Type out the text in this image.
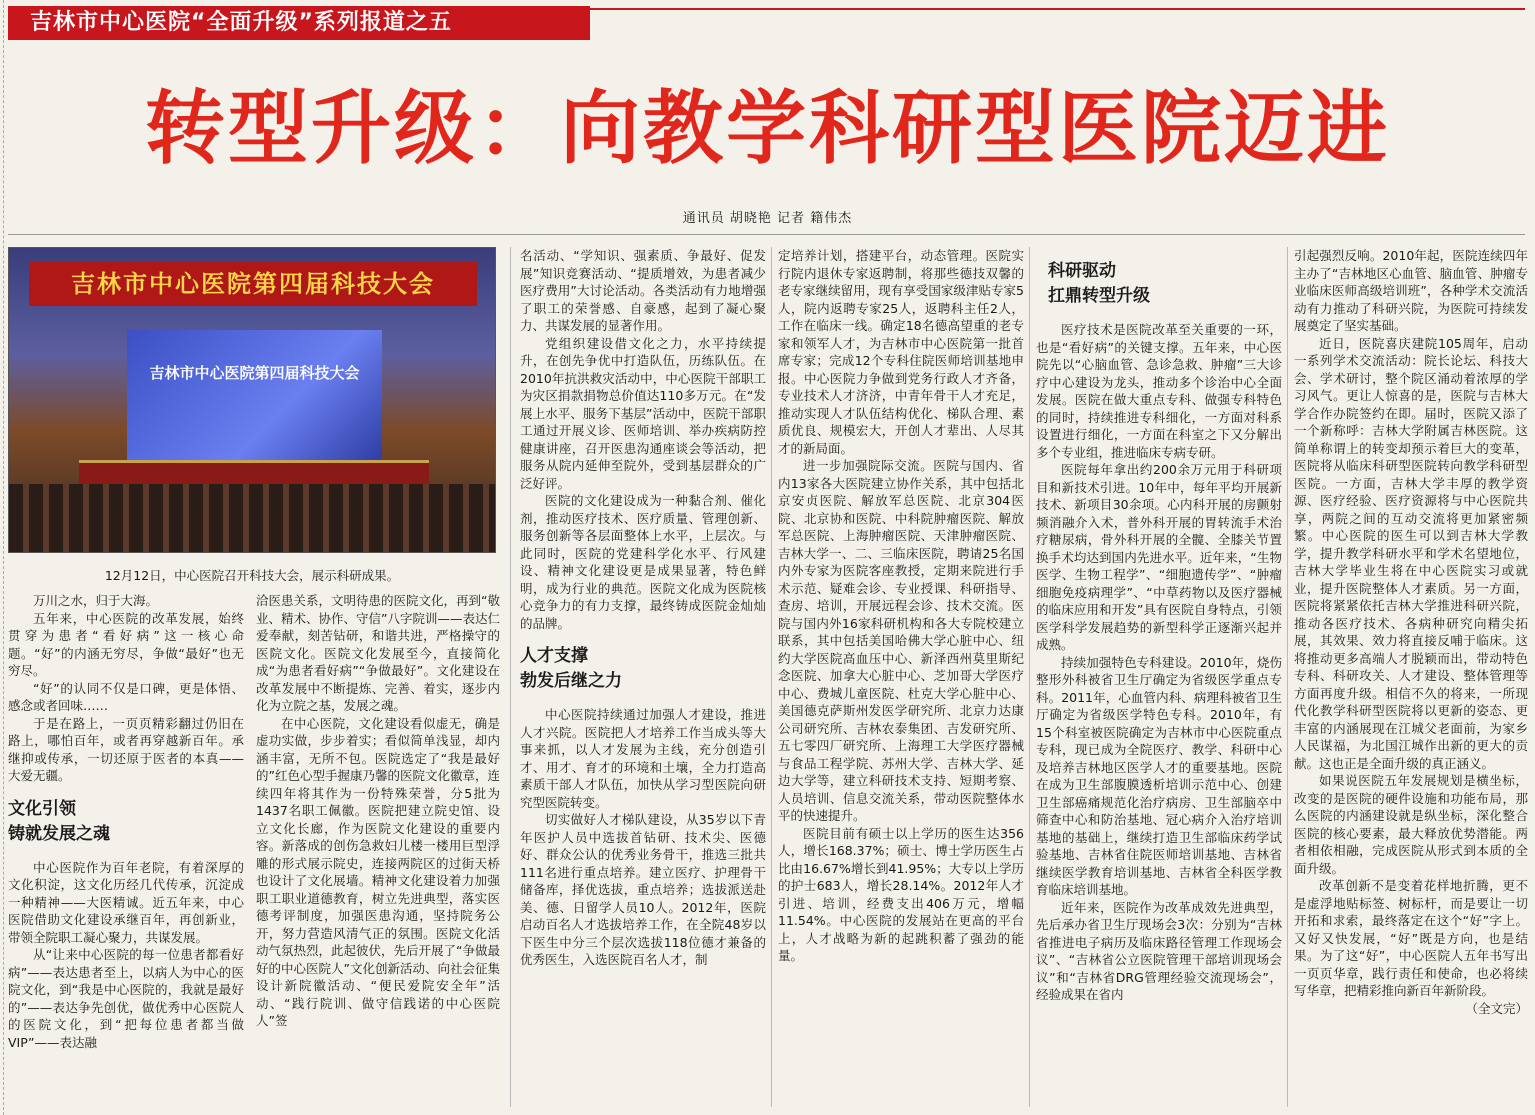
吉林市中心医院“全面升级”系列报道之五
转型升级：向教学科研型医院迈进
通讯员 胡晓艳 记者 籍伟杰
吉林市中心医院第四届科技大会
吉林市中心医院第四届科技大会
12月12日，中心医院召开科技大会，展示科研成果。

万川之水，归于大海。

五年来，中心医院的改革发展，始终贯穿为患者“看好病”这一核心命题。“好”的内涵无穷尽，争做“最好”也无穷尽。

“好”的认同不仅是口碑，更是体悟、感念或者回味……

于是在路上，一页页精彩翻过仍旧在路上，哪怕百年，或者再穿越新百年。承继抑或传承，一切还原于医者的本真——大爱无疆。

文化引领
铸就发展之魂

中心医院作为百年老院，有着深厚的文化积淀，这文化历经几代传承，沉淀成一种精神——大医精诚。近五年来，中心医院借助文化建设承继百年，再创新业，带领全院职工凝心聚力，共谋发展。

从“让来中心医院的每一位患者都看好病”——表达患者至上，以病人为中心的医院文化，到“我是中心医院的，我就是最好的”——表达争先创优，做优秀中心医院人的医院文化，到“把每位患者都当做VIP”——表达融

洽医患关系，文明待患的医院文化，再到“敬业、精术、协作、守信”八字院训——表达仁爱奉献，刻苦钻研，和谐共进，严格操守的医院文化。医院文化发展至今，直接简化成“为患者看好病”“争做最好”。文化建设在改革发展中不断提炼、完善、着实，逐步内化为立院之基，发展之魂。

在中心医院，文化建设看似虚无，确是虚功实做，步步着实；看似简单浅显，却内涵丰富，无所不包。医院选定了“我是最好的”红色心型手握康乃馨的医院文化徽章，连续四年将其作为一份特殊荣誉，分5批为1437名职工佩徽。医院把建立院史馆、设立文化长廊，作为医院文化建设的重要内容。新落成的创伤急救妇儿楼一楼用巨型浮雕的形式展示院史，连接两院区的过街天桥也设计了文化展墙。精神文化建设着力加强职工职业道德教育，树立先进典型，落实医德考评制度，加强医患沟通，坚持院务公开，努力营造风清气正的氛围。医院文化活动气氛热烈，此起彼伏，先后开展了“争做最好的中心医院人”文化创新活动、向社会征集设计新院徽活动、“便民爱院安全年”活动、“践行院训、做守信践诺的中心医院人”签

名活动、“学知识、强素质、争最好、促发展”知识竞赛活动、“提质增效，为患者减少医疗费用”大讨论活动。各类活动有力地增强了职工的荣誉感、自豪感，起到了凝心聚力、共谋发展的显著作用。

党组织建设借文化之力，水平持续提升，在创先争优中打造队伍，历练队伍。在2010年抗洪救灾活动中，中心医院干部职工为灾区捐款捐物总价值达110多万元。在“发展上水平、服务下基层”活动中，医院干部职工通过开展义诊、医师培训、举办疾病防控健康讲座，召开医患沟通座谈会等活动，把服务从院内延伸至院外，受到基层群众的广泛好评。

医院的文化建设成为一种黏合剂、催化剂，推动医疗技术、医疗质量、管理创新、服务创新等各层面整体上水平，上层次。与此同时，医院的党建科学化水平、行风建设、精神文化建设更是成果显著，特色鲜明，成为行业的典范。医院文化成为医院核心竞争力的有力支撑，最终铸成医院金灿灿的品牌。

人才支撑
勃发后继之力

中心医院持续通过加强人才建设，推进人才兴院。医院把人才培养工作当成头等大事来抓，以人才发展为主线，充分创造引才、用才、育才的环境和土壤，全力打造高素质干部人才队伍，加快从学习型医院向研究型医院转变。

切实做好人才梯队建设，从35岁以下青年医护人员中选拔首钻研、技术尖、医德好、群众公认的优秀业务骨干，推选三批共111名进行重点培养。建立医疗、护理骨干储备库，择优选拔，重点培养；选拔派送赴美、德、日留学人员10人。2012年，医院启动百名人才选拔培养工作，在全院48岁以下医生中分三个层次选拔118位德才兼备的优秀医生，入选医院百名人才，制

定培养计划，搭建平台，动态管理。医院实行院内退休专家返聘制，将那些德技双馨的老专家继续留用，现有享受国家级津贴专家5人，院内返聘专家25人，返聘科主任2人，工作在临床一线。确定18名德高望重的老专家和领军人才，为吉林市中心医院第一批首席专家；完成12个专科住院医师培训基地申报。中心医院力争做到党务行政人才齐备，专业技术人才济济，中青年骨干人才充足，推动实现人才队伍结构优化、梯队合理、素质优良、规模宏大，开创人才辈出、人尽其才的新局面。

进一步加强院际交流。医院与国内、省内13家各大医院建立协作关系，其中包括北京安贞医院、解放军总医院、北京304医院、北京协和医院、中科院肿瘤医院、解放军总医院、上海肿瘤医院、天津肿瘤医院、吉林大学一、二、三临床医院，聘请25名国内外专家为医院客座教授，定期来院进行手术示范、疑难会诊、专业授课、科研指导、查房、培训，开展远程会诊、技术交流。医院与国内外16家科研机构和各大专院校建立联系，其中包括美国哈佛大学心脏中心、纽约大学医院高血压中心、新泽西州莫里斯纪念医院、加拿大心脏中心、芝加哥大学医疗中心、费城儿童医院、杜克大学心脏中心、美国德克萨斯州发医学研究所、北京力达康公司研究所、吉林农泰集团、吉发研究所、五七零四厂研究所、上海理工大学医疗器械与食品工程学院、苏州大学、吉林大学、延边大学等，建立科研技术支持、短期考察、人员培训、信息交流关系，带动医院整体水平的快速提升。

医院目前有硕士以上学历的医生达356人，增长168.37%；硕士、博士学历医生占比由16.67%增长到41.95%；大专以上学历的护士683人，增长28.14%。2012年人才引进、培训，经费支出406万元，增幅11.54%。中心医院的发展站在更高的平台上，人才战略为新的起跳积蓄了强劲的能量。

科研驱动
扛鼎转型升级

医疗技术是医院改革至关重要的一环，也是“看好病”的关键支撑。五年来，中心医院先以“心脑血管、急诊急救、肿瘤”三大诊疗中心建设为龙头，推动多个诊治中心全面发展。医院在做大重点专科、做强专科特色的同时，持续推进专科细化，一方面对科系设置进行细化，一方面在科室之下又分解出多个专业组，推进临床专病专研。

医院每年拿出约200余万元用于科研项目和新技术引进。10年中，每年平均开展新技术、新项目30余项。心内科开展的房颤射频消融介入术，普外科开展的胃转流手术治疗糖尿病，骨外科开展的全髋、全膝关节置换手术均达到国内先进水平。近年来，“生物医学、生物工程学”、“细胞遗传学”、“肿瘤细胞免疫病理学”、“中草药物以及医疗器械的临床应用和开发”具有医院自身特点，引领医学科学发展趋势的新型科学正逐渐兴起并成熟。

持续加强特色专科建设。2010年，烧伤整形外科被省卫生厅确定为省级医学重点专科。2011年，心血管内科、病理科被省卫生厅确定为省级医学特色专科。2010年，有15个科室被医院确定为吉林市中心医院重点专科，现已成为全院医疗、教学、科研中心及培养吉林地区医学人才的重要基地。医院在成为卫生部腹膜透析培训示范中心、创建卫生部癌痛规范化治疗病房、卫生部脑卒中筛查中心和防治基地、冠心病介入治疗培训基地的基础上，继续打造卫生部临床药学试验基地、吉林省住院医师培训基地、吉林省继续医学教育培训基地、吉林省全科医学教育临床培训基地。

近年来，医院作为改革成效先进典型，先后承办省卫生厅现场会3次：分别为“吉林省推进电子病历及临床路径管理工作现场会议”、“吉林省公立医院管理干部培训现场会议”和“吉林省DRG管理经验交流现场会”，经验成果在省内

引起强烈反响。2010年起，医院连续四年主办了“吉林地区心血管、脑血管、肿瘤专业临床医师高级培训班”，各种学术交流活动有力推动了科研兴院，为医院可持续发展奠定了坚实基础。

近日，医院喜庆建院105周年，启动一系列学术交流活动：院长论坛、科技大会、学术研讨，整个院区涌动着浓厚的学习风气。更让人惊喜的是，医院与吉林大学合作办院签约在即。届时，医院又添了一个新称呼：吉林大学附属吉林医院。这简单称谓上的转变却预示着巨大的变革，医院将从临床科研型医院转向教学科研型医院。一方面，吉林大学丰厚的教学资源、医疗经验、医疗资源将与中心医院共享，两院之间的互动交流将更加紧密频繁。中心医院的医生可以到吉林大学教学，提升教学科研水平和学术名望地位，吉林大学毕业生将在中心医院实习或就业，提升医院整体人才素质。另一方面，医院将紧紧依托吉林大学推进科研兴院，推动各医疗技术、各病种研究向精尖拓展，其效果、效力将直接反哺于临床。这将推动更多高端人才脱颖而出，带动特色专科、科研攻关、人才建设、整体管理等方面再度升级。相信不久的将来，一所现代化教学科研型医院将以更新的姿态、更丰富的内涵展现在江城父老面前，为家乡人民谋福，为北国江城作出新的更大的贡献。这也正是全面升级的真正涵义。

如果说医院五年发展规划是横坐标，改变的是医院的硬件设施和功能布局，那么医院的内涵建设就是纵坐标，深化整合医院的核心要素，最大释放优势潜能。两者相依相融，完成医院从形式到本质的全面升级。

改革创新不是变着花样地折腾，更不是虚浮地贴标签、树标杆，而是要让一切开拓和求索，最终落定在这个“好”字上。又好又快发展，“好”既是方向，也是结果。为了这“好”，中心医院人五年书写出一页页华章，践行责任和使命，也必将续写华章，把精彩推向新百年新阶段。

（全文完）
